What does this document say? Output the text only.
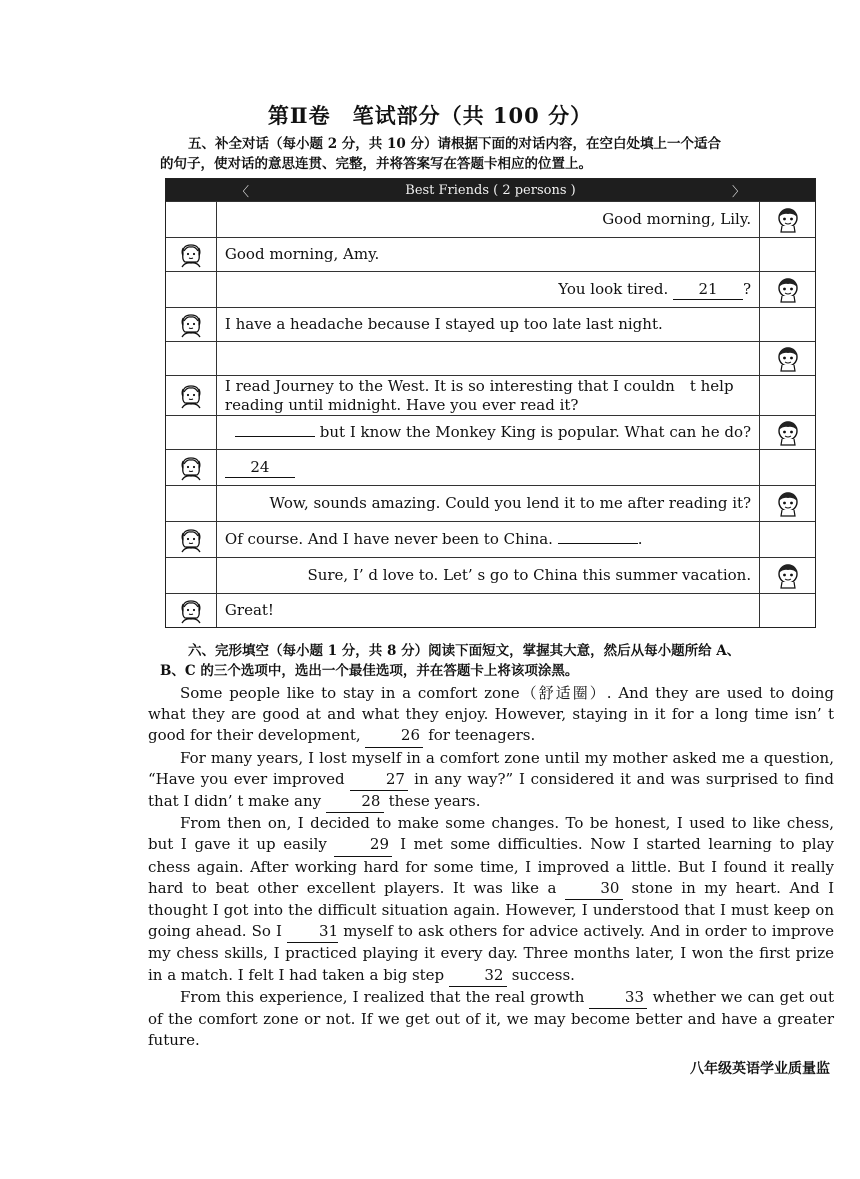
第Ⅱ卷　笔试部分（共 100 分）
五、补全对话（每小题 2 分，共 10 分）请根据下面的对话内容，在空白处填上一个适合
的句子，使对话的意思连贯、完整，并将答案写在答题卡相应的位置上。
〈	Best Friends ( 2 persons )	〉
Good morning, Lily.
Good morning, Amy.
You look tired. 21 ?
I have a headache because I stayed up too late last night.
I read Journey to the West. It is so interesting that I couldn　t help reading until midnight. Have you ever read it?
but I know the Monkey King is popular. What can he do?
24
Wow, sounds amazing. Could you lend it to me after reading it?
Of course. And I have never been to China.	.
Sure, I’ d love to. Let’ s go to China this summer vacation.
Great!
六、完形填空（每小题 1 分，共 8 分）阅读下面短文，掌握其大意，然后从每小题所给 A、
B、C 的三个选项中，选出一个最佳选项，并在答题卡上将该项涂黑。

Some people like to stay in a comfort zone（舒适圈）. And they are used to doing what they are good at and what they enjoy. However, staying in it for a long time isn’ t good for their development, 26 for teenagers.

For many years, I lost myself in a comfort zone until my mother asked me a question, “Have you ever improved 27 in any way?” I considered it and was surprised to find that I didn’ t make any 28 these years.

From then on, I decided to make some changes. To be honest, I used to like chess, but I gave it up easily 29 I met some difficulties. Now I started learning to play chess again. After working hard for some time, I improved a little. But I found it really hard to beat other excellent players. It was like a 30 stone in my heart. And I thought I got into the difficult situation again. However, I understood that I must keep on going ahead. So I 31 myself to ask others for advice actively. And in order to improve my chess skills, I practiced playing it every day. Three months later, I won the first prize in a match. I felt I had taken a big step 32 success.

From this experience, I realized that the real growth 33 whether we can get out of the comfort zone or not. If we get out of it, we may become better and have a greater future.

八年级英语学业质量监
